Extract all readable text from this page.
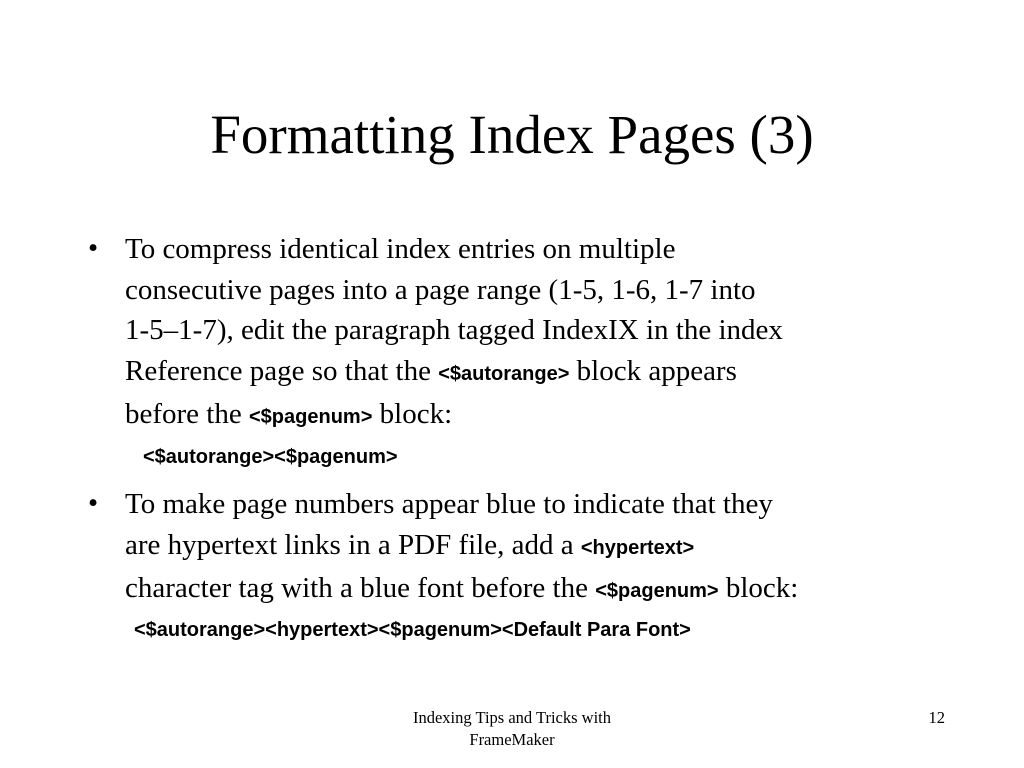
Formatting Index Pages (3)
• To compress identical index entries on multiple
consecutive pages into a page range (1-5, 1-6, 1-7 into
1-5–1-7), edit the paragraph tagged IndexIX in the index
Reference page so that the <$autorange> block appears
before the <$pagenum> block:
<$autorange><$pagenum>
• To make page numbers appear blue to indicate that they
are hypertext links in a PDF file, add a <hypertext>
character tag with a blue font before the <$pagenum> block:
<$autorange><hypertext><$pagenum><Default Para Font>
Indexing Tips and Tricks with
FrameMaker
12
